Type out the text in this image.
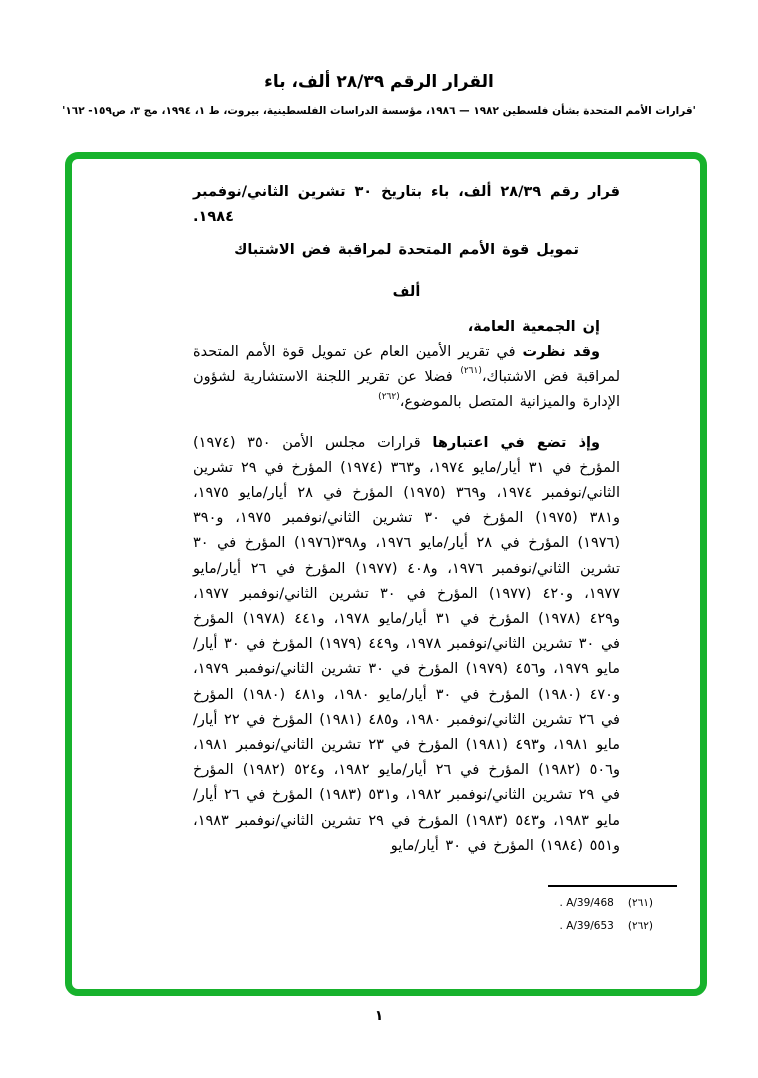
القرار الرقم ٢٨/٣٩ ألف، باء
'قرارات الأمم المتحدة بشأن فلسطين ١٩٨٢ — ١٩٨٦، مؤسسة الدراسات الفلسطينية، بيروت، ط ١، ١٩٩٤، مج ٣، ص١٥٩- ١٦٢'

قرار رقم ٢٨/٣٩ ألف، باء بتاريخ ٣٠ تشرين الثاني/نوفمبر ١٩٨٤.

تمويل قوة الأمم المتحدة لمراقبة فض الاشتباك

ألف

إن الجمعية العامة،

وقد نظرت في تقرير الأمين العام عن تمويل قوة الأمم المتحدة لمراقبة فض الاشتباك،$^{(٢٦١)}$ فضلا عن تقرير اللجنة الاستشارية لشؤون الإدارة والميزانية المتصل بالموضوع،$^{(٢٦٢)}$

وإذ تضع في اعتبارها قرارات مجلس الأمن ٣٥٠ (١٩٧٤) المؤرخ في ٣١ أيار/مايو ١٩٧٤، و٣٦٣ (١٩٧٤) المؤرخ في ٢٩ تشرين الثاني/نوفمبر ١٩٧٤، و٣٦٩ (١٩٧٥) المؤرخ في ٢٨ أيار/مايو ١٩٧٥، و٣٨١ (١٩٧٥) المؤرخ في ٣٠ تشرين الثاني/نوفمبر ١٩٧٥، و٣٩٠ (١٩٧٦) المؤرخ في ٢٨ أيار/مايو ١٩٧٦، و٣٩٨(١٩٧٦) المؤرخ في ٣٠ تشرين الثاني/نوفمبر ١٩٧٦، و٤٠٨ (١٩٧٧) المؤرخ في ٢٦ أيار/مايو ١٩٧٧، و٤٢٠ (١٩٧٧) المؤرخ في ٣٠ تشرين الثاني/نوفمبر ١٩٧٧، و٤٢٩ (١٩٧٨) المؤرخ في ٣١ أيار/مايو ١٩٧٨، و٤٤١ (١٩٧٨) المؤرخ في ٣٠ تشرين الثاني/نوفمبر ١٩٧٨، و٤٤٩ (١٩٧٩) المؤرخ في ٣٠ أيار/مايو ١٩٧٩، و٤٥٦ (١٩٧٩) المؤرخ في ٣٠ تشرين الثاني/نوفمبر ١٩٧٩، و٤٧٠ (١٩٨٠) المؤرخ في ٣٠ أيار/مايو ١٩٨٠، و٤٨١ (١٩٨٠) المؤرخ في ٢٦ تشرين الثاني/نوفمبر ١٩٨٠، و٤٨٥ (١٩٨١) المؤرخ في ٢٢ أيار/مايو ١٩٨١، و٤٩٣ (١٩٨١) المؤرخ في ٢٣ تشرين الثاني/نوفمبر ١٩٨١، و٥٠٦ (١٩٨٢) المؤرخ في ٢٦ أيار/مايو ١٩٨٢، و٥٢٤ (١٩٨٢) المؤرخ في ٢٩ تشرين الثاني/نوفمبر ١٩٨٢، و٥٣١ (١٩٨٣) المؤرخ في ٢٦ أيار/مايو ١٩٨٣، و٥٤٣ (١٩٨٣) المؤرخ في ٢٩ تشرين الثاني/نوفمبر ١٩٨٣، و٥٥١ (١٩٨٤) المؤرخ في ٣٠ أيار/مايو

(٢٦١)
A/39/468 .
(٢٦٢)
A/39/653 .
١
